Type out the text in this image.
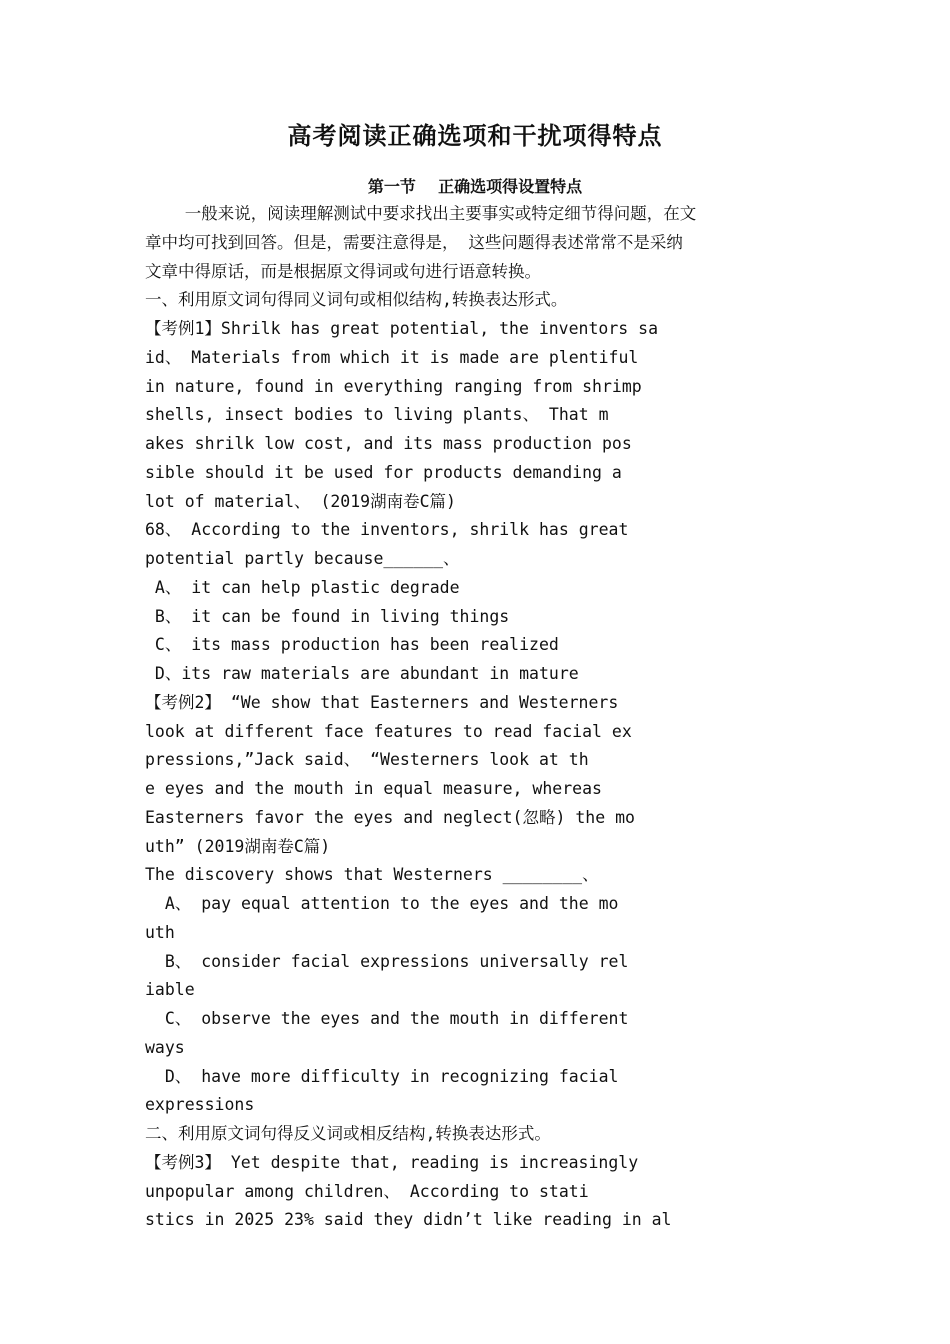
高考阅读正确选项和干扰项得特点
第一节    正确选项得设置特点
一般来说，阅读理解测试中要求找出主要事实或特定细节得问题，在文
章中均可找到回答。但是，需要注意得是， 这些问题得表述常常不是采纳
文章中得原话，而是根据原文得词或句进行语意转换。
一、利用原文词句得同义词句或相似结构,转换表达形式。
【考例1】Shrilk has great potential, the inventors sa
id、 Materials from which it is made are plentiful
in nature, found in everything ranging from shrimp
shells, insect bodies to living plants、 That m
akes shrilk low cost, and its mass production pos
sible should it be used for products demanding a
lot of material、 (2019湖南卷C篇)
68、 According to the inventors, shrilk has great
potential partly because______、
A、 it can help plastic degrade
B、 it can be found in living things
C、 its mass production has been realized
D、its raw materials are abundant in mature
【考例2】 “We show that Easterners and Westerners
look at different face features to read facial ex
pressions,”Jack said、 “Westerners look at th
e eyes and the mouth in equal measure, whereas
Easterners favor the eyes and neglect(忽略) the mo
uth” (2019湖南卷C篇)
The discovery shows that Westerners ________、
A、 pay equal attention to the eyes and the mo
uth
B、 consider facial expressions universally rel
iable
C、 observe the eyes and the mouth in different
ways
D、 have more difficulty in recognizing facial
expressions
二、利用原文词句得反义词或相反结构,转换表达形式。
【考例3】 Yet despite that, reading is increasingly
unpopular among children、 According to stati
stics in 2025 23% said they didn’t like reading in al
